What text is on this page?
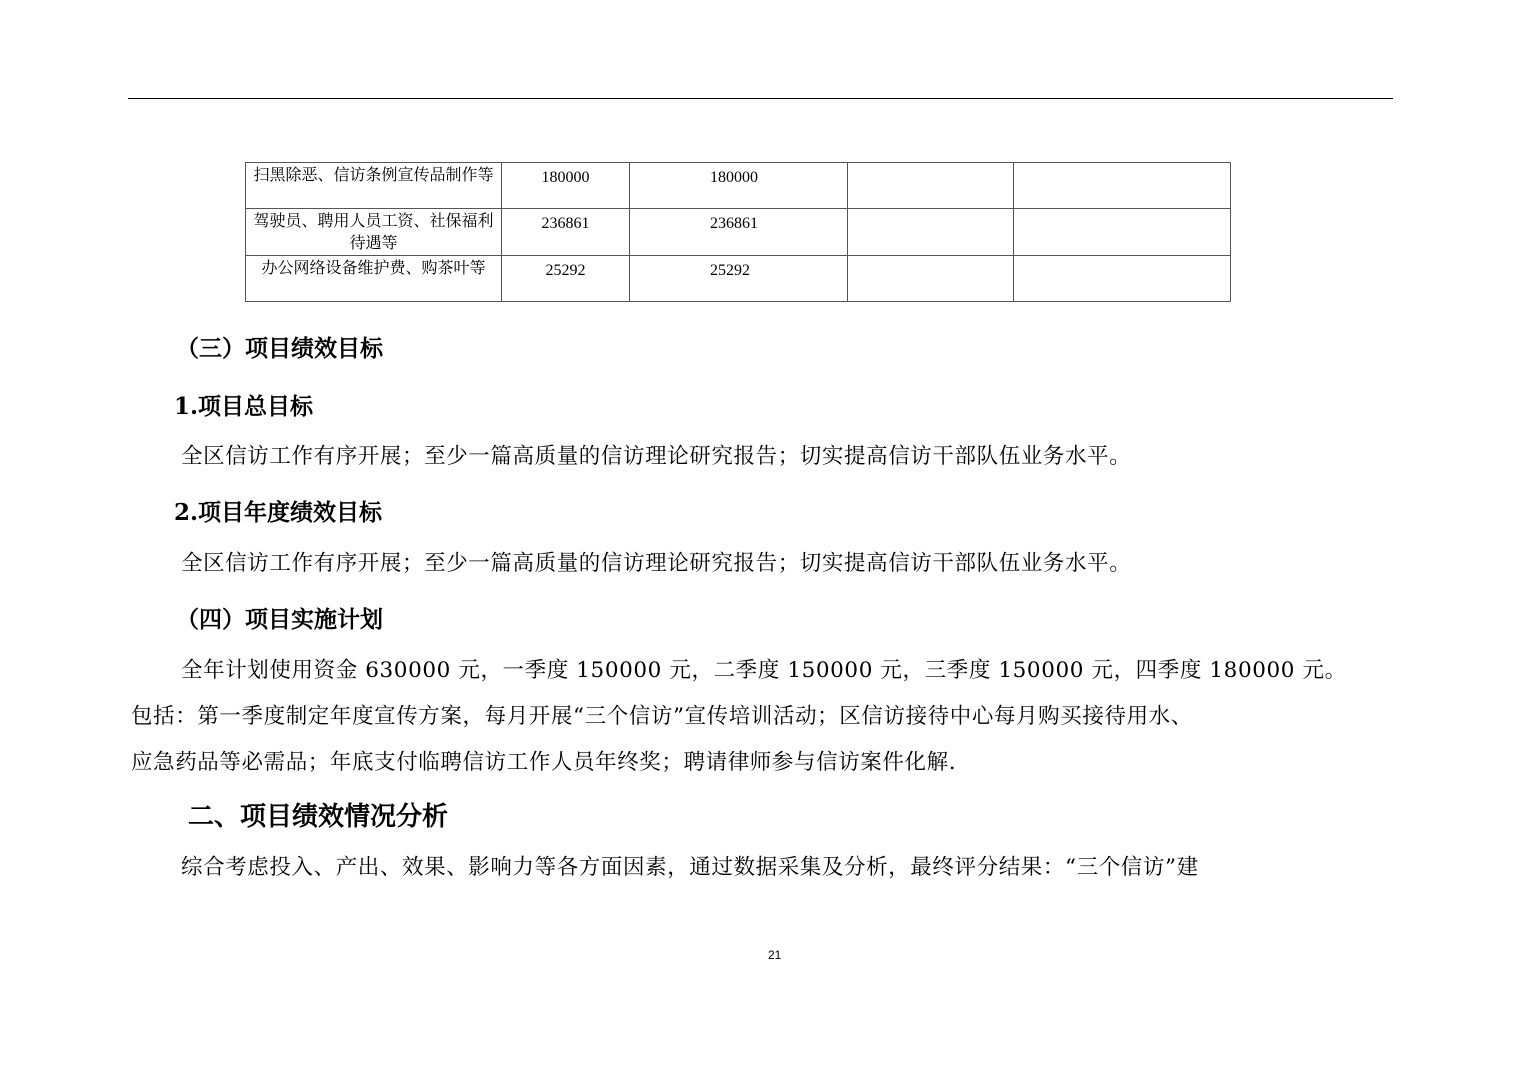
扫黑除恶、信访条例宣传品制作等	180000	180000		
驾驶员、聘用人员工资、社保福利待遇等	236861	236861		
办公网络设备维护费、购茶叶等	25292	25292		
（三）项目绩效目标
1.项目总目标
全区信访工作有序开展；至少一篇高质量的信访理论研究报告；切实提高信访干部队伍业务水平。
2.项目年度绩效目标
全区信访工作有序开展；至少一篇高质量的信访理论研究报告；切实提高信访干部队伍业务水平。
（四）项目实施计划
全年计划使用资金 630000 元，一季度 150000 元，二季度 150000 元，三季度 150000 元，四季度 180000 元。
包括：第一季度制定年度宣传方案，每月开展“三个信访”宣传培训活动；区信访接待中心每月购买接待用水、
应急药品等必需品；年底支付临聘信访工作人员年终奖；聘请律师参与信访案件化解.
二、项目绩效情况分析
综合考虑投入、产出、效果、影响力等各方面因素，通过数据采集及分析，最终评分结果：“三个信访”建
21
